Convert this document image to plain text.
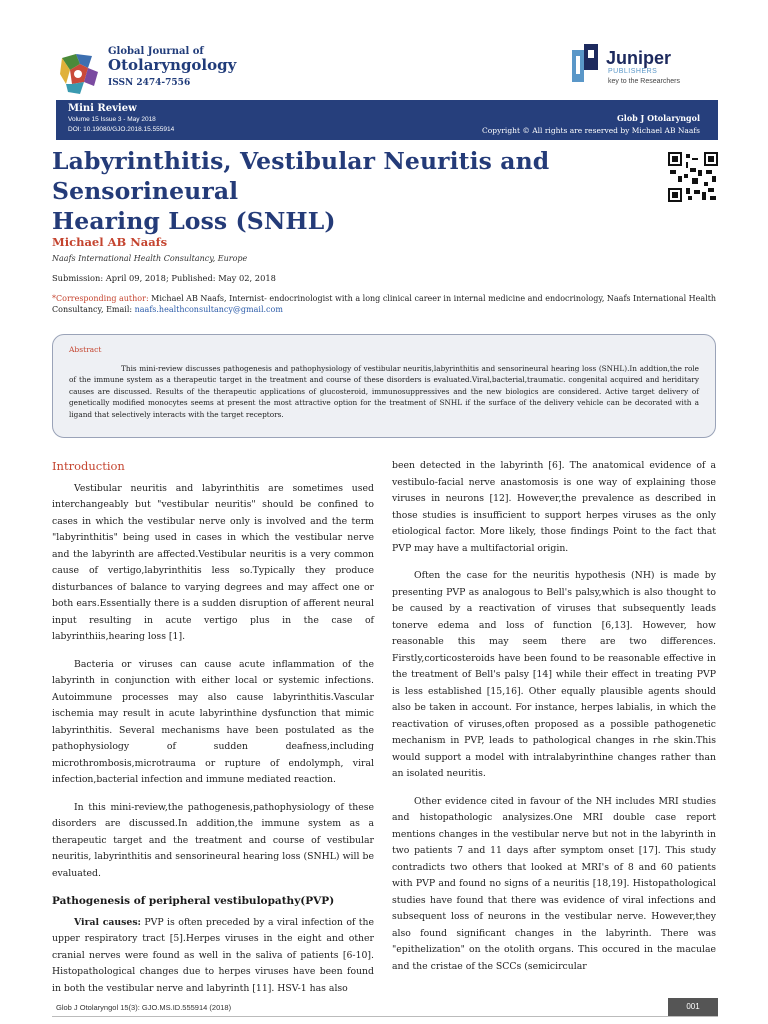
Global Journal of
Otolaryngology
ISSN 2474-7556
Juniper
PUBLISHERS
key to the Researchers
Mini Review
Volume 15 Issue 3 - May 2018
DOI: 10.19080/GJO.2018.15.555914
Glob J Otolaryngol
Copyright © All rights are reserved by Michael AB Naafs
Labyrinthitis, Vestibular Neuritis and Sensorineural
Hearing Loss (SNHL)
Michael AB Naafs
Naafs International Health Consultancy, Europe
Submission: April 09, 2018; Published: May 02, 2018
*Corresponding author: Michael AB Naafs, Internist- endocrinologist with a long clinical career in internal medicine and endocrinology, Naafs International Health Consultancy, Email: naafs.healthconsultancy@gmail.com
Abstract
This mini-review discusses pathogenesis and pathophysiology of vestibular neuritis,labyrinthitis and sensorineural hearing loss (SNHL).In addtion,the role of the immune system as a therapeutic target in the treatment and course of these disorders is evaluated.Viral,bacterial,traumatic. congenital acquired and heriditary causes are discussed. Results of the therapeutic applications of glucosteroid, immunosuppressives and the new biologics are considered. Active target delivery of genetically modified monocytes seems at present the most attractive option for the treatment of SNHL if the surface of the delivery vehicle can be decorated with a ligand that selectively interacts with the target receptors.
Introduction

Vestibular neuritis and labyrinthitis are sometimes used interchangeably but "vestibular neuritis" should be confined to cases in which the vestibular nerve only is involved and the term "labyrinthitis" being used in cases in which the vestibular nerve and the labyrinth are affected.Vestibular neuritis is a very common cause of vertigo,labyrinthitis less so.Typically they produce disturbances of balance to varying degrees and may affect one or both ears.Essentially there is a sudden disruption of afferent neural input resulting in acute vertigo plus in the case of labyrinthiis,hearing loss [1].

Bacteria or viruses can cause acute inflammation of the labyrinth in conjunction with either local or systemic infections. Autoimmune processes may also cause labyrinthitis.Vascular ischemia may result in acute labyrinthine dysfunction that mimic labyrinthitis. Several mechanisms have been postulated as the pathophysiology of sudden deafness,including microthrombosis,microtrauma or rupture of endolymph, viral infection,bacterial infection and immune mediated reaction.

In this mini-review,the pathogenesis,pathophysiology of these disorders are discussed.In addition,the immune system as a therapeutic target and the treatment and course of vestibular neuritis, labyrinthitis and sensorineural hearing loss (SNHL) will be evaluated.

Pathogenesis of peripheral vestibulopathy(PVP)

Viral causes: PVP is often preceded by a viral infection of the upper respiratory tract [5].Herpes viruses in the eight and other cranial nerves were found as well in the saliva of patients [6-10]. Histopathological changes due to herpes viruses have been found in both the vestibular nerve and labyrinth [11]. HSV-1 has also

been detected in the labyrinth [6]. The anatomical evidence of a vestibulo-facial nerve anastomosis is one way of explaining those viruses in neurons [12]. However,the prevalence as described in those studies is insufficient to support herpes viruses as the only etiological factor. More likely, those findings Point to the fact that PVP may have a multifactorial origin.

Often the case for the neuritis hypothesis (NH) is made by presenting PVP as analogous to Bell's palsy,which is also thought to be caused by a reactivation of viruses that subsequently leads tonerve edema and loss of function [6,13]. However, how reasonable this may seem there are two differences. Firstly,corticosteroids have been found to be reasonable effective in the treatment of Bell's palsy [14] while their effect in treating PVP is less established [15,16]. Other equally plausible agents should also be taken in account. For instance, herpes labialis, in which the reactivation of viruses,often proposed as a possible pathogenetic mechanism in PVP, leads to pathological changes in rhe skin.This would support a model with intralabyrinthine changes rather than an isolated neuritis.

Other evidence cited in favour of the NH includes MRI studies and histopathologic analysizes.One MRI double case report mentions changes in the vestibular nerve but not in the labyrinth in two patients 7 and 11 days after symptom onset [17]. This study contradicts two others that looked at MRI's of 8 and 60 patients with PVP and found no signs of a neuritis [18,19]. Histopathological studies have found that there was evidence of viral infections and subsequent loss of neurons in the vestibular nerve. However,they also found significant changes in the labyrinth. There was "epithelization" on the otolith organs. This occured in the maculae and the cristae of the SCCs (semicircular

Glob J Otolaryngol 15(3): GJO.MS.ID.555914 (2018)	001
